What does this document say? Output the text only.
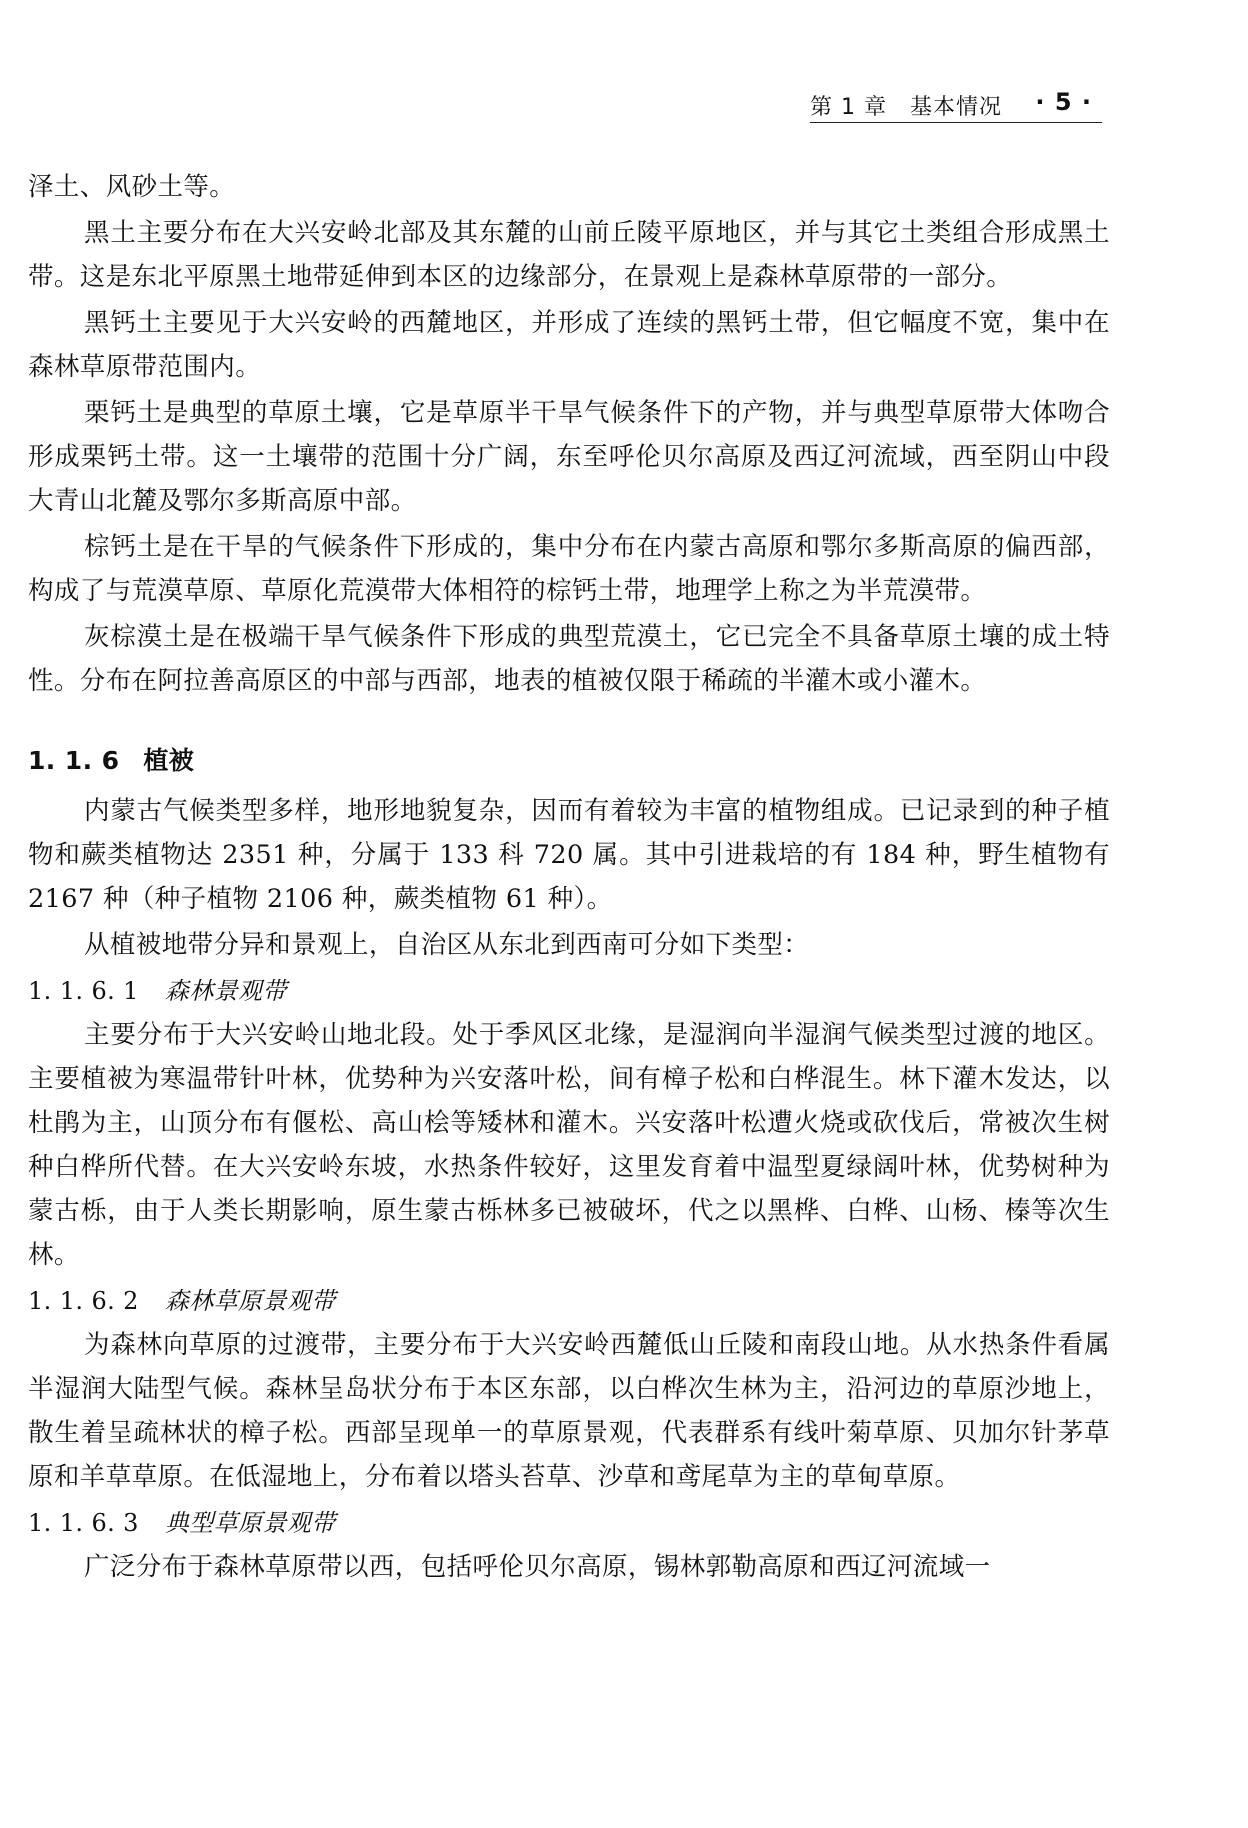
第 1 章　基本情况 · 5 ·

泽土、风砂土等。

黑土主要分布在大兴安岭北部及其东麓的山前丘陵平原地区，并与其它土类组合形成黑土带。这是东北平原黑土地带延伸到本区的边缘部分，在景观上是森林草原带的一部分。

黑钙土主要见于大兴安岭的西麓地区，并形成了连续的黑钙土带，但它幅度不宽，集中在森林草原带范围内。

栗钙土是典型的草原土壤，它是草原半干旱气候条件下的产物，并与典型草原带大体吻合形成栗钙土带。这一土壤带的范围十分广阔，东至呼伦贝尔高原及西辽河流域，西至阴山中段大青山北麓及鄂尔多斯高原中部。

棕钙土是在干旱的气候条件下形成的，集中分布在内蒙古高原和鄂尔多斯高原的偏西部，构成了与荒漠草原、草原化荒漠带大体相符的棕钙土带，地理学上称之为半荒漠带。

灰棕漠土是在极端干旱气候条件下形成的典型荒漠土，它已完全不具备草原土壤的成土特性。分布在阿拉善高原区的中部与西部，地表的植被仅限于稀疏的半灌木或小灌木。

1. 1. 6 植被

内蒙古气候类型多样，地形地貌复杂，因而有着较为丰富的植物组成。已记录到的种子植物和蕨类植物达 2351 种，分属于 133 科 720 属。其中引进栽培的有 184 种，野生植物有 2167 种（种子植物 2106 种，蕨类植物 61 种）。

从植被地带分异和景观上，自治区从东北到西南可分如下类型：

1. 1. 6. 1 森林景观带

主要分布于大兴安岭山地北段。处于季风区北缘，是湿润向半湿润气候类型过渡的地区。主要植被为寒温带针叶林，优势种为兴安落叶松，间有樟子松和白桦混生。林下灌木发达，以杜鹃为主，山顶分布有偃松、高山桧等矮林和灌木。兴安落叶松遭火烧或砍伐后，常被次生树种白桦所代替。在大兴安岭东坡，水热条件较好，这里发育着中温型夏绿阔叶林，优势树种为蒙古栎，由于人类长期影响，原生蒙古栎林多已被破坏，代之以黑桦、白桦、山杨、榛等次生林。

1. 1. 6. 2 森林草原景观带

为森林向草原的过渡带，主要分布于大兴安岭西麓低山丘陵和南段山地。从水热条件看属半湿润大陆型气候。森林呈岛状分布于本区东部，以白桦次生林为主，沿河边的草原沙地上，散生着呈疏林状的樟子松。西部呈现单一的草原景观，代表群系有线叶菊草原、贝加尔针茅草原和羊草草原。在低湿地上，分布着以塔头苔草、沙草和鸢尾草为主的草甸草原。

1. 1. 6. 3 典型草原景观带

广泛分布于森林草原带以西，包括呼伦贝尔高原，锡林郭勒高原和西辽河流域一
